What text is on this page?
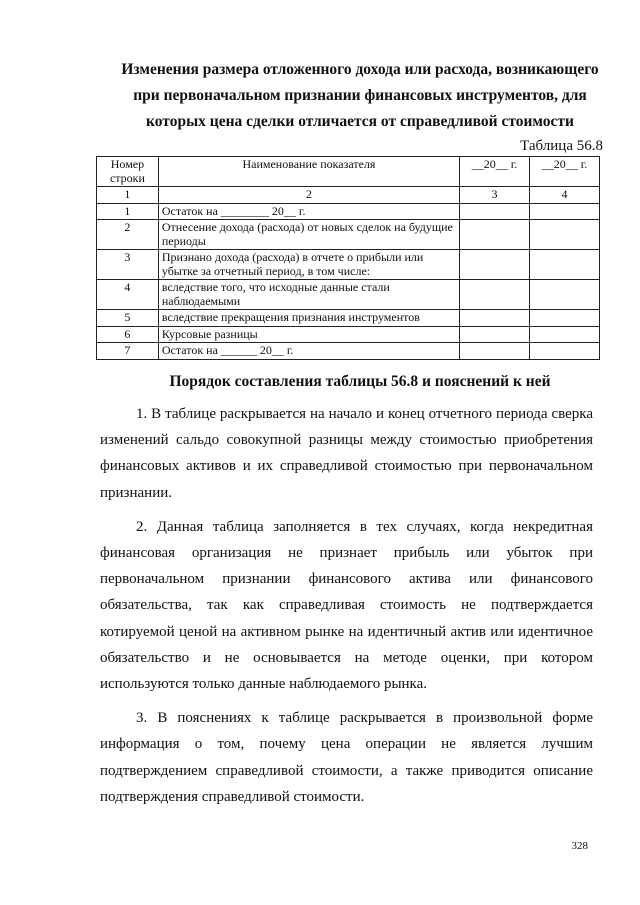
Изменения размера отложенного дохода или расхода, возникающего
при первоначальном признании финансовых инструментов, для
которых цена сделки отличается от справедливой стоимости
Таблица 56.8
Номер строки	Наименование показателя	__20__ г.	__20__ г.
1	2	3	4
1	Остаток на ________ 20__ г.		
2	Отнесение дохода (расхода) от новых сделок на будущие периоды		
3	Признано дохода (расхода) в отчете о прибыли или убытке за отчетный период, в том числе:		
4	вследствие того, что исходные данные стали наблюдаемыми		
5	вследствие прекращения признания инструментов		
6	Курсовые разницы		
7	Остаток на ______ 20__ г.		
Порядок составления таблицы 56.8 и пояснений к ней

1. В таблице раскрывается на начало и конец отчетного периода сверка изменений сальдо совокупной разницы между стоимостью приобретения финансовых активов и их справедливой стоимостью при первоначальном признании.

2. Данная таблица заполняется в тех случаях, когда некредитная финансовая организация не признает прибыль или убыток при первоначальном признании финансового актива или финансового обязательства, так как справедливая стоимость не подтверждается котируемой ценой на активном рынке на идентичный актив или идентичное обязательство и не основывается на методе оценки, при котором используются только данные наблюдаемого рынка.

3. В пояснениях к таблице раскрывается в произвольной форме информация о том, почему цена операции не является лучшим подтверждением справедливой стоимости, а также приводится описание подтверждения справедливой стоимости.

328
